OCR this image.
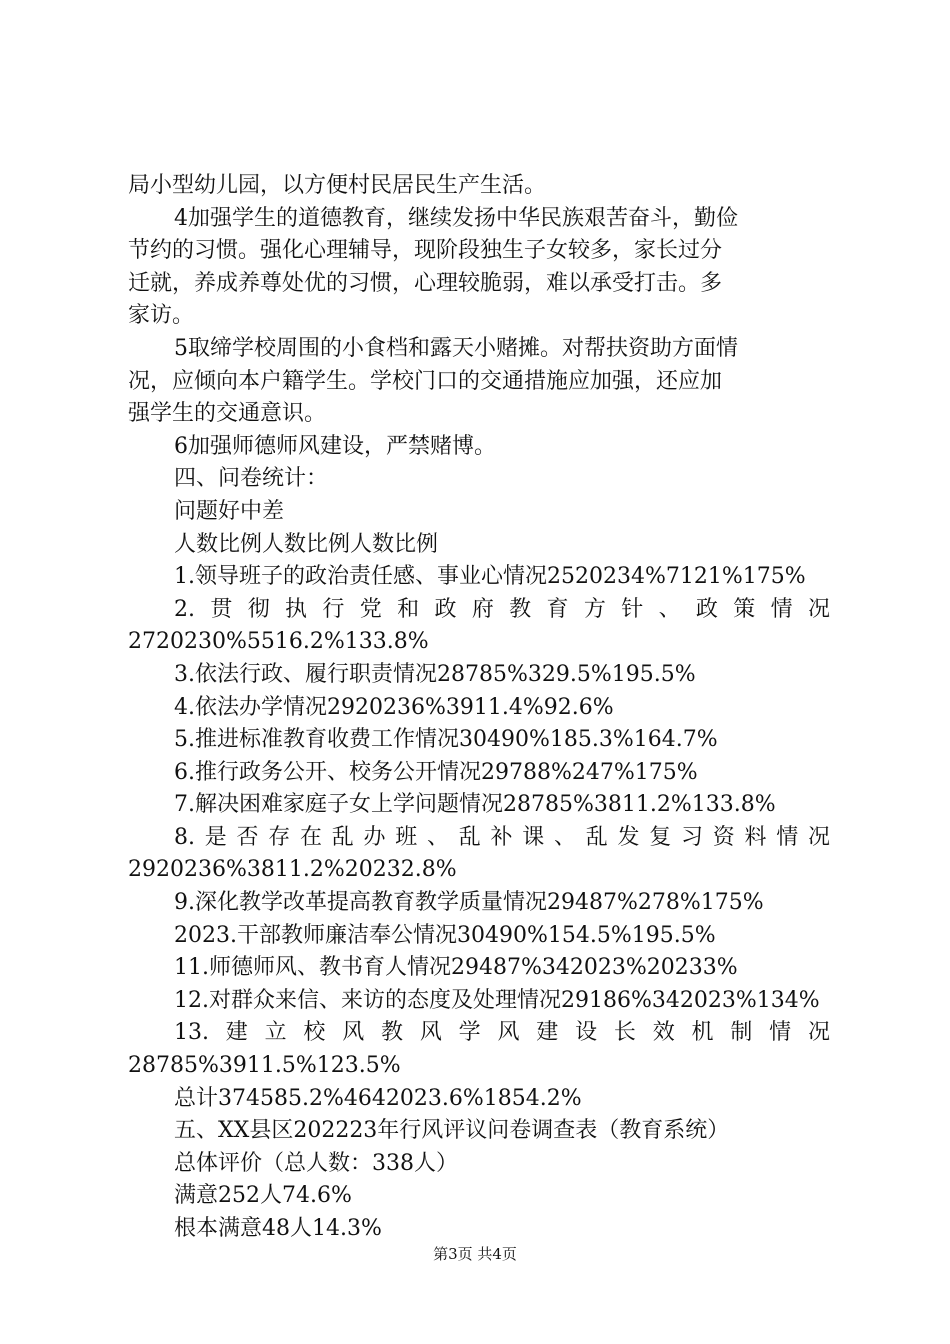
局小型幼儿园，以方便村民居民生产生活。
4加强学生的道德教育，继续发扬中华民族艰苦奋斗，勤俭
节约的习惯。强化心理辅导，现阶段独生子女较多，家长过分
迁就，养成养尊处优的习惯，心理较脆弱，难以承受打击。多
家访。
5取缔学校周围的小食档和露天小赌摊。对帮扶资助方面情
况，应倾向本户籍学生。学校门口的交通措施应加强，还应加
强学生的交通意识。
6加强师德师风建设，严禁赌博。
四、问卷统计：
问题好中差
人数比例人数比例人数比例
1.领导班子的政治责任感、事业心情况2520234%7121%175%
2.贯彻执行党和政府教育方针、政策情况
2720230%5516.2%133.8%
3.依法行政、履行职责情况28785%329.5%195.5%
4.依法办学情况2920236%3911.4%92.6%
5.推进标准教育收费工作情况30490%185.3%164.7%
6.推行政务公开、校务公开情况29788%247%175%
7.解决困难家庭子女上学问题情况28785%3811.2%133.8%
8.是否存在乱办班、乱补课、乱发复习资料情况
2920236%3811.2%20232.8%
9.深化教学改革提高教育教学质量情况29487%278%175%
2023.干部教师廉洁奉公情况30490%154.5%195.5%
11.师德师风、教书育人情况29487%342023%20233%
12.对群众来信、来访的态度及处理情况29186%342023%134%
13.建立校风教风学风建设长效机制情况
28785%3911.5%123.5%
总计374585.2%4642023.6%1854.2%
五、XX县区202223年行风评议问卷调查表（教育系统）
总体评价（总人数：338人）
满意252人74.6%
根本满意48人14.3%
第3页 共4页
